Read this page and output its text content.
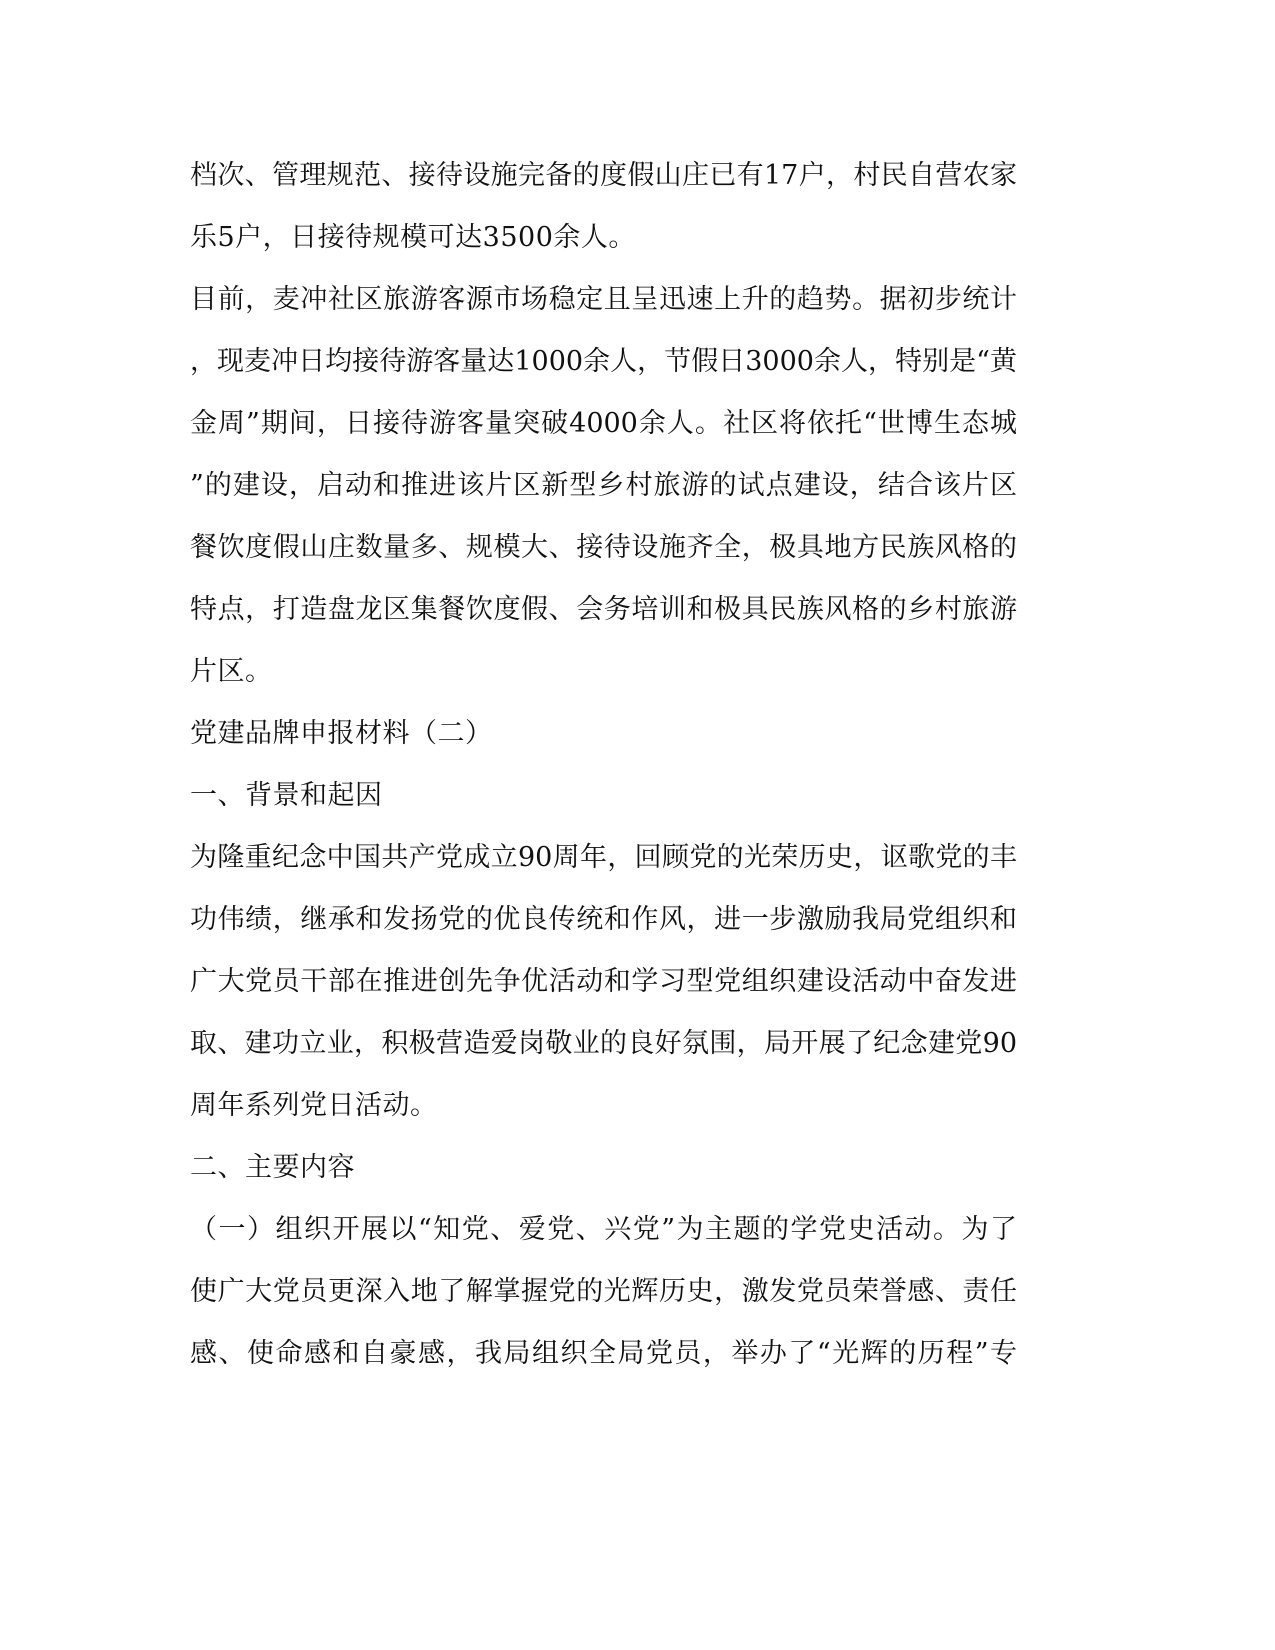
档次、管理规范、接待设施完备的度假山庄已有17户，村民自营农家
乐5户，日接待规模可达3500余人。
目前，麦冲社区旅游客源市场稳定且呈迅速上升的趋势。据初步统计
，现麦冲日均接待游客量达1000余人，节假日3000余人，特别是“黄
金周”期间，日接待游客量突破4000余人。社区将依托“世博生态城
”的建设，启动和推进该片区新型乡村旅游的试点建设，结合该片区
餐饮度假山庄数量多、规模大、接待设施齐全，极具地方民族风格的
特点，打造盘龙区集餐饮度假、会务培训和极具民族风格的乡村旅游
片区。
党建品牌申报材料（二）
一、背景和起因
为隆重纪念中国共产党成立90周年，回顾党的光荣历史，讴歌党的丰
功伟绩，继承和发扬党的优良传统和作风，进一步激励我局党组织和
广大党员干部在推进创先争优活动和学习型党组织建设活动中奋发进
取、建功立业，积极营造爱岗敬业的良好氛围，局开展了纪念建党90
周年系列党日活动。
二、主要内容
（一）组织开展以“知党、爱党、兴党”为主题的学党史活动。为了
使广大党员更深入地了解掌握党的光辉历史，激发党员荣誉感、责任
感、使命感和自豪感，我局组织全局党员，举办了“光辉的历程”专
